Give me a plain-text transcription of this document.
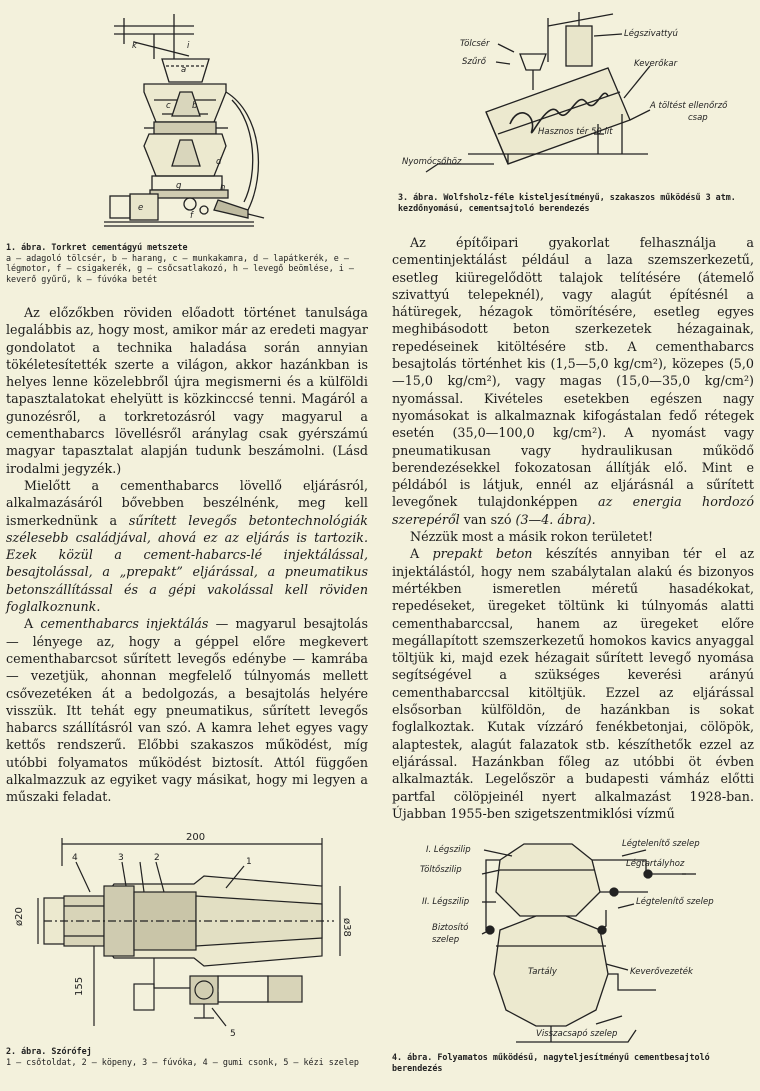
k	i
a
b
c
d
h
g
e
f
1. ábra. Torkret cementágyú metszete
a — adagoló tölcsér, b — harang, c — munkakamra, d — lapátkerék, e — légmotor, f — csigakerék, g — csőcsatlakozó, h — levegő beömlése, i — keverő gyűrű, k — fúvóka betét
Légszivattyú
Tölcsér
Szűrő	Keverőkar
A töltést ellenőrző
csap
Hasznos tér 50 lit
Nyomócsőhöz
3. ábra. Wolfsholz-féle kisteljesítményű, szakaszos működésű 3 atm. kezdőnyomású, cementsajtoló berendezés

Az előzőkben röviden előadott történet tanulsága legalábbis az, hogy most, amikor már az eredeti magyar gondolatot a technika haladása során annyian tökéletesítették szerte a világon, akkor hazánkban is helyes lenne közelebbről újra megismerni és a külföldi tapasztalatokat ehelyütt is közkinccsé tenni. Magáról a gunozésről, a torkretozásról vagy magyarul a cementhabarcs lövellésről aránylag csak gyérszámú magyar tapasztalat alapján tudunk beszámolni. (Lásd irodalmi jegyzék.)

Mielőtt a cementhabarcs lövellő eljárásról, alkalmazásáról bővebben beszélnénk, meg kell ismerkednünk a sűrített levegős betontechnológiák szélesebb családjával, ahová ez az eljárás is tartozik. Ezek közül a cement-habarcs-lé injektálással, besajtolással, a „prepakt” eljárással, a pneumatikus betonszállítással és a gépi vakolással kell röviden foglalkoznunk.

A cementhabarcs injektálás — magyarul besajtolás — lényege az, hogy a géppel előre megkevert cementhabarcsot sűrített levegős edénybe — kamrába — vezetjük, ahonnan megfelelő túlnyomás mellett csővezetéken át a bedolgozás, a besajtolás helyére visszük. Itt tehát egy pneumatikus, sűrített levegős habarcs szállításról van szó. A kamra lehet egyes vagy kettős rendszerű. Előbbi szakaszos működést, míg utóbbi folyamatos működést biztosít. Attól függően alkalmazzuk az egyiket vagy másikat, hogy mi legyen a műszaki feladat.

Az építőipari gyakorlat felhasználja a cementinjektálást például a laza szemszerkezetű, esetleg kiüregelődött talajok telítésére (átemelő szivattyú telepeknél), vagy alagút építésnél a hátüregek, hézagok tömörítésére, esetleg egyes meghibásodott beton szerkezetek hézagainak, repedéseinek kitöltésére stb. A cementhabarcs besajtolás történhet kis (1,5—5,0 kg/cm²), közepes (5,0—15,0 kg/cm²), vagy magas (15,0—35,0 kg/cm²) nyomással. Kivételes esetekben egészen nagy nyomásokat is alkalmaznak kifogástalan fedő rétegek esetén (35,0—100,0 kg/cm²). A nyomást vagy pneumatikusan vagy hydraulikusan működő berendezésekkel fokozatosan állítják elő. Mint e példából is látjuk, ennél az eljárásnál a sűrített levegőnek tulajdonképpen az energia hordozó szerepéről van szó (3—4. ábra).

Nézzük most a másik rokon területet!

A prepakt beton készítés annyiban tér el az injektálástól, hogy nem szabálytalan alakú és bizonyos mértékben ismeretlen méretű hasadékokat, repedéseket, üregeket töltünk ki túlnyomás alatti cementhabarccsal, hanem az üregeket előre megállapított szemszerkezetű homokos kavics anyaggal töltjük ki, majd ezek hézagait sűrített levegő nyomása segítségével a szükséges keverési arányú cementhabarccsal kitöltjük. Ezzel az eljárással elsősorban külföldön, de hazánkban is sokat foglalkoztak. Kutak vízzáró fenékbetonjai, cölöpök, alaptestek, alagút falazatok stb. készíthetők ezzel az eljárással. Hazánkban főleg az utóbbi öt évben alkalmazták. Legelőször a budapesti vámház előtti partfal cölöpjeinél nyert alkalmazást 1928-ban. Újabban 1955-ben szigetszentmiklósi vízmű

200
4	3	2	1
5
ø20
ø38
155
2. ábra. Szórófej
1 — csőtoldat, 2 — köpeny, 3 — fúvóka, 4 — gumi csonk, 5 — kézi szelep
I. Légszilip
Légtelenítő szelep
Töltőszilip
Légtartályhoz
II. Légszilip	Légtelenítő szelep
Biztosító
szelep
Tartály	Keverővezeték
Visszacsapó szelep
4. ábra. Folyamatos működésű, nagyteljesítményű cementbesajtoló berendezés
